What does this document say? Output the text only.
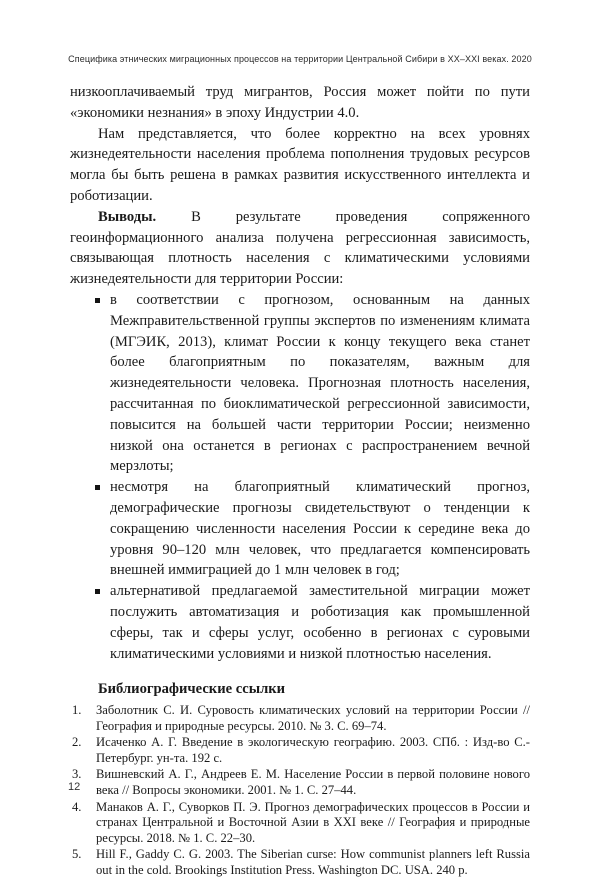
Специфика этнических миграционных процессов на территории Центральной Сибири в XX–XXI веках. 2020

низкооплачиваемый труд мигрантов, Россия может пойти по пути «экономики незнания» в эпоху Индустрии 4.0.

Нам представляется, что более корректно на всех уровнях жизнедеятельности населения проблема пополнения трудовых ресурсов могла бы быть решена в рамках развития искусственного интеллекта и роботизации.

Выводы. В результате проведения сопряженного геоинформационного анализа получена регрессионная зависимость, связывающая плотность населения с климатическими условиями жизнедеятельности для территории России:

в соответствии с прогнозом, основанным на данных Межправительственной группы экспертов по изменениям климата (МГЭИК, 2013), климат России к концу текущего века станет более благоприятным по показателям, важным для жизнедеятельности человека. Прогнозная плотность населения, рассчитанная по биоклиматической регрессионной зависимости, повысится на большей части территории России; неизменно низкой она останется в регионах с распространением вечной мерзлоты;
несмотря на благоприятный климатический прогноз, демографические прогнозы свидетельствуют о тенденции к сокращению численности населения России к середине века до уровня 90–120 млн человек, что предлагается компенсировать внешней иммиграцией до 1 млн человек в год;
альтернативой предлагаемой заместительной миграции может послужить автоматизация и роботизация как промышленной сферы, так и сферы услуг, особенно в регионах с суровыми климатическими условиями и низкой плотностью населения.
Библиографические ссылки
1. Заболотник С. И. Суровость климатических условий на территории России // География и природные ресурсы. 2010. № 3. С. 69–74.
2. Исаченко А. Г. Введение в экологическую географию. 2003. СПб. : Изд-во С.-Петербург. ун-та. 192 с.
3. Вишневский А. Г., Андреев Е. М. Население России в первой половине нового века // Вопросы экономики. 2001. № 1. С. 27–44.
4. Манаков А. Г., Суворков П. Э. Прогноз демографических процессов в России и странах Центральной и Восточной Азии в XXI веке // География и природные ресурсы. 2018. № 1. С. 22–30.
5. Hill F., Gaddy C. G. 2003. The Siberian curse: How communist planners left Russia out in the cold. Brookings Institution Press. Washington DC. USA. 240 p.
12
